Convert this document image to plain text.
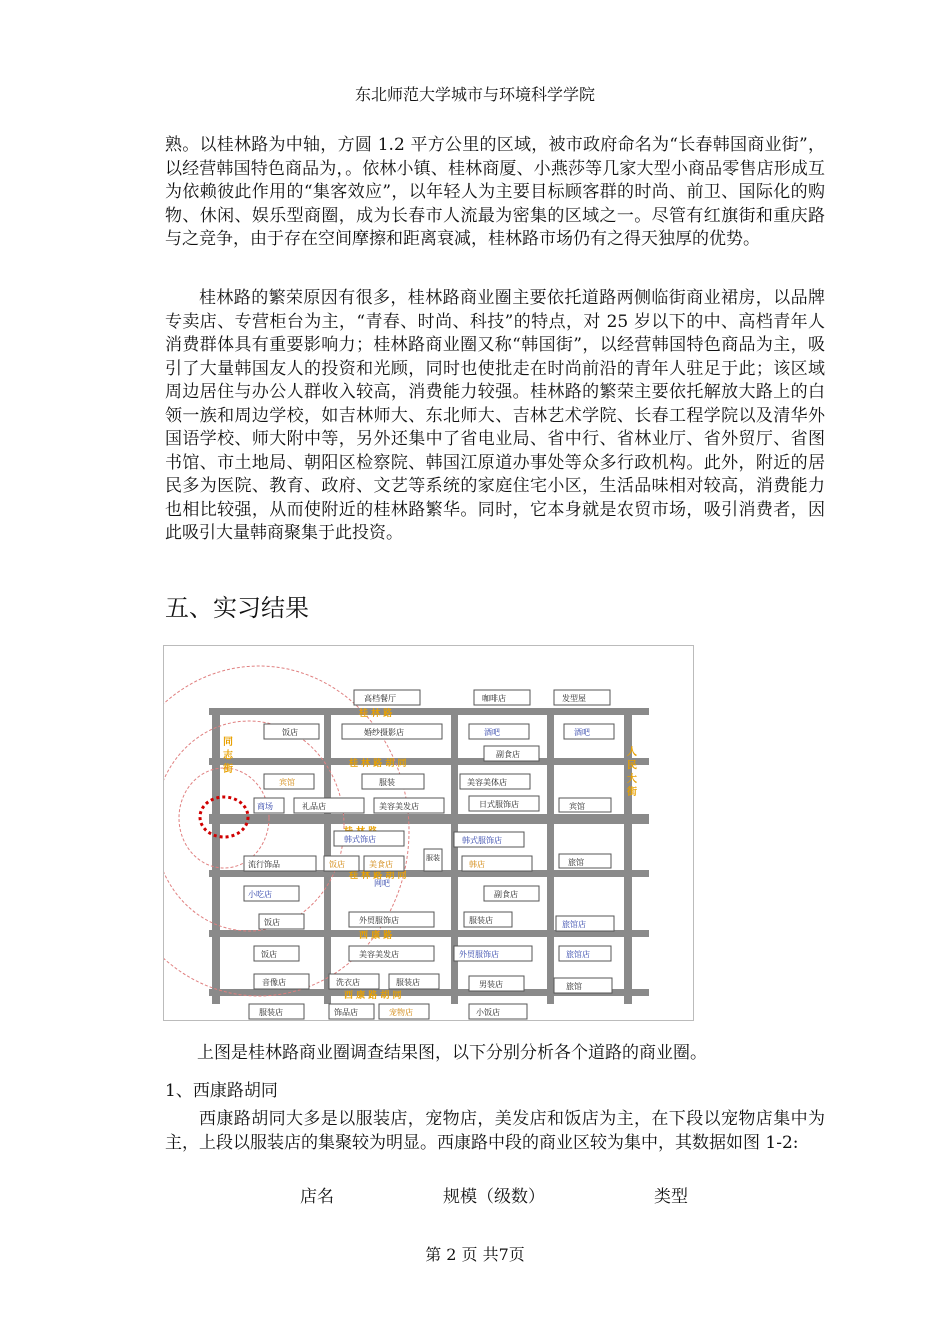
东北师范大学城市与环境科学学院

熟。以桂林路为中轴，方圆 1.2 平方公里的区域，被市政府命名为“长春韩国商业街”，以经营韩国特色商品为，。依林小镇、桂林商厦、小燕莎等几家大型小商品零售店形成互为依赖彼此作用的“集客效应”，以年轻人为主要目标顾客群的时尚、前卫、国际化的购物、休闲、娱乐型商圈，成为长春市人流最为密集的区域之一。尽管有红旗街和重庆路与之竞争，由于存在空间摩擦和距离衰减，桂林路市场仍有之得天独厚的优势。

桂林路的繁荣原因有很多，桂林路商业圈主要依托道路两侧临街商业裙房，以品牌专卖店、专营柜台为主，“青春、时尚、科技”的特点，对 25 岁以下的中、高档青年人消费群体具有重要影响力；桂林路商业圈又称“韩国街”，以经营韩国特色商品为主，吸引了大量韩国友人的投资和光顾，同时也使批走在时尚前沿的青年人驻足于此；该区域周边居住与办公人群收入较高，消费能力较强。桂林路的繁荣主要依托解放大路上的白领一族和周边学校，如吉林师大、东北师大、吉林艺术学院、长春工程学院以及清华外国语学校、师大附中等，另外还集中了省电业局、省中行、省林业厅、省外贸厅、省图书馆、市土地局、朝阳区检察院、韩国江原道办事处等众多行政机构。此外，附近的居民多为医院、教育、政府、文艺等系统的家庭住宅小区，生活品味相对较高，消费能力也相比较强，从而使附近的桂林路繁华。同时，它本身就是农贸市场，吸引消费者，因此吸引大量韩商聚集于此投资。

五、实习结果
桂 林 路
桂 林 路 胡 同
桂 林 路 胡 同
西 康 路
西 康 路 胡 同
同 志 街	人 民 大 街
高档餐厅	咖啡店	发型屋
饭店	婚纱摄影店	酒吧	酒吧
副食店
宾馆	服装	美容美体店
网吧
宾馆
日式服饰店
礼品店
商场	美容美发店
旅馆
韩式饰店
服装
韩式服饰店
流行饰品	饭店	美食店	韩店
小吃店	副食店
饭店	外贸服饰店	服装店	旅馆店
饭店	美容美发店	外贸服饰店	旅馆店
音像店	洗衣店	服装店	男装店	旅馆
服装店	饰品店	宠物店	小饭店

上图是桂林路商业圈调查结果图，以下分别分析各个道路的商业圈。

1、西康路胡同

西康路胡同大多是以服装店，宠物店，美发店和饭店为主，在下段以宠物店集中为主，上段以服装店的集聚较为明显。西康路中段的商业区较为集中，其数据如图 1-2:

店名	规模（级数）	类型
第 2 页 共7页
